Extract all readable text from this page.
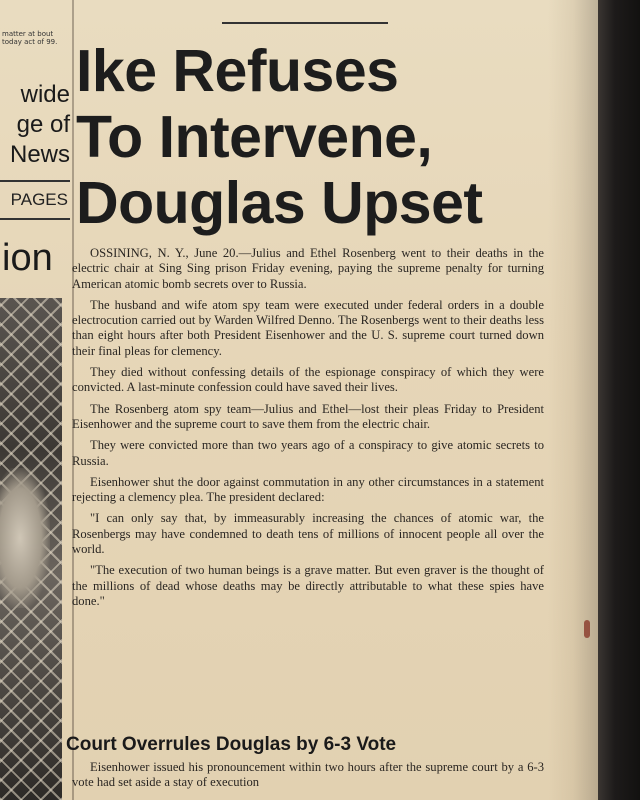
matter at bout today act of 99.
wide
ge of
News
PAGES
ion
Ike Refuses
To Intervene,
Douglas Upset

OSSINING, N. Y., June 20.—Julius and Ethel Rosenberg went to their deaths in the electric chair at Sing Sing prison Friday evening, paying the supreme penalty for turning American atomic bomb secrets over to Russia.

The husband and wife atom spy team were executed under federal orders in a double electrocution carried out by Warden Wilfred Denno. The Rosenbergs went to their deaths less than eight hours after both President Eisenhower and the U. S. supreme court turned down their final pleas for clemency.

They died without confessing details of the espionage conspiracy of which they were convicted. A last-minute confession could have saved their lives.

The Rosenberg atom spy team—Julius and Ethel—lost their pleas Friday to President Eisenhower and the supreme court to save them from the electric chair.

They were convicted more than two years ago of a conspiracy to give atomic secrets to Russia.

Eisenhower shut the door against commutation in any other circumstances in a statement rejecting a clemency plea. The president declared:

"I can only say that, by immeasurably increasing the chances of atomic war, the Rosenbergs may have condemned to death tens of millions of innocent people all over the world.

"The execution of two human beings is a grave matter. But even graver is the thought of the millions of dead whose deaths may be directly attributable to what these spies have done."

Court Overrules Douglas by 6-3 Vote

Eisenhower issued his pronouncement within two hours after the supreme court by a 6-3 vote had set aside a stay of execution
